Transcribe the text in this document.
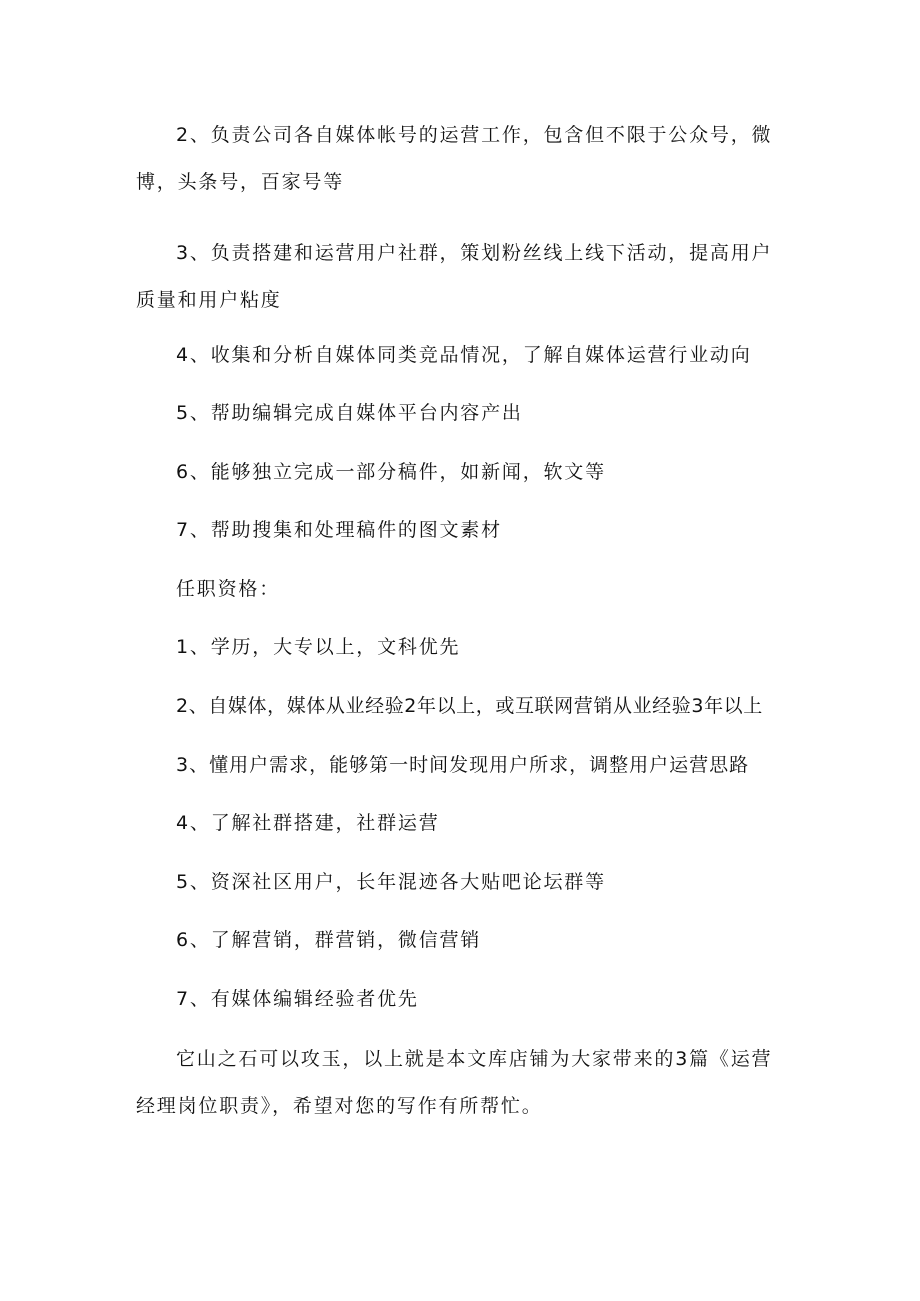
2、负责公司各自媒体帐号的运营工作，包含但不限于公众号，微博，头条号，百家号等

3、负责搭建和运营用户社群，策划粉丝线上线下活动，提高用户质量和用户粘度

4、收集和分析自媒体同类竞品情况，了解自媒体运营行业动向

5、帮助编辑完成自媒体平台内容产出

6、能够独立完成一部分稿件，如新闻，软文等

7、帮助搜集和处理稿件的图文素材

任职资格：

1、学历，大专以上，文科优先

2、自媒体，媒体从业经验2年以上，或互联网营销从业经验3年以上

3、懂用户需求，能够第一时间发现用户所求，调整用户运营思路

4、了解社群搭建，社群运营

5、资深社区用户，长年混迹各大贴吧论坛群等

6、了解营销，群营销，微信营销

7、有媒体编辑经验者优先

它山之石可以攻玉，以上就是本文库店铺为大家带来的3篇《运营经理岗位职责》，希望对您的写作有所帮忙。
